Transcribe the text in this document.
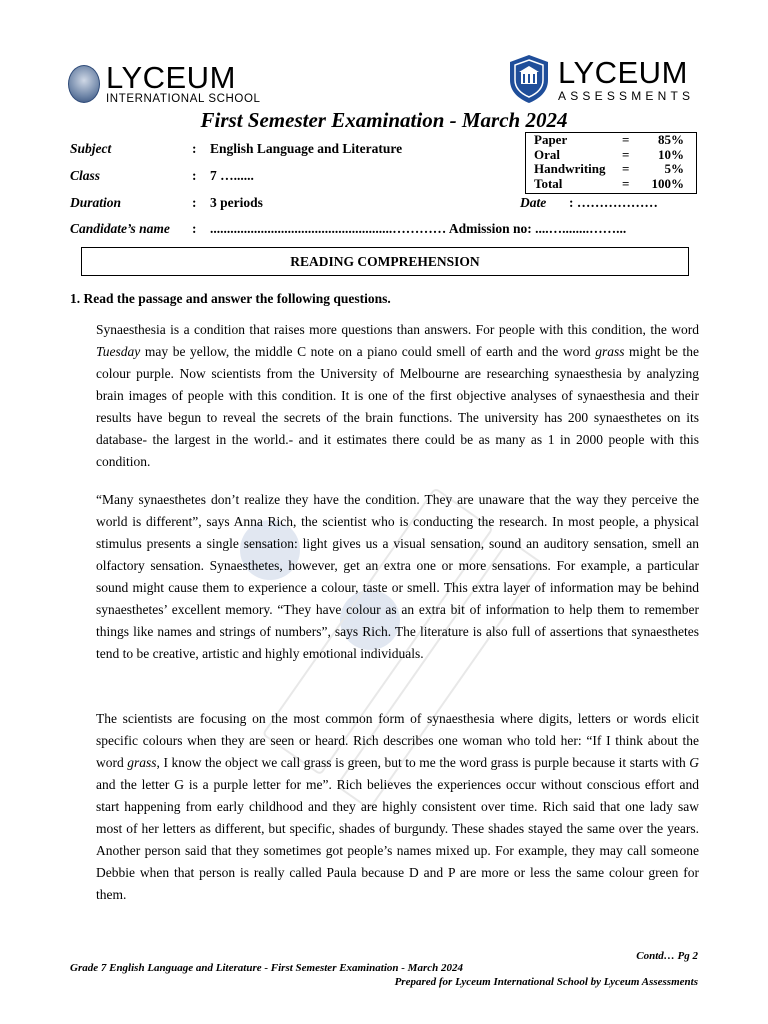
LYCEUM
INTERNATIONAL SCHOOL
LYCEUM
ASSESSMENTS
First Semester Examination - March 2024
Paper	=	85%
Oral	=	10%
Handwriting	=	5%
Total	=	100%
Subject	: English Language and Literature
Class	: 7 …......
Duration	: 3 periods	Date : ………………
Candidate’s name : ......................................................………… Admission no: ....…........……...
READING COMPREHENSION
1. Read the passage and answer the following questions.

Synaesthesia is a condition that raises more questions than answers. For people with this condition, the word Tuesday may be yellow, the middle C note on a piano could smell of earth and the word grass might be the colour purple. Now scientists from the University of Melbourne are researching synaesthesia by analyzing brain images of people with this condition. It is one of the first objective analyses of synaesthesia and their results have begun to reveal the secrets of the brain functions. The university has 200 synaesthetes on its database- the largest in the world.- and it estimates there could be as many as 1 in 2000 people with this condition.

“Many synaesthetes don’t realize they have the condition. They are unaware that the way they perceive the world is different”, says Anna Rich, the scientist who is conducting the research. In most people, a physical stimulus presents a single sensation: light gives us a visual sensation, sound an auditory sensation, smell an olfactory sensation. Synaesthetes, however, get an extra one or more sensations. For example, a particular sound might cause them to experience a colour, taste or smell. This extra layer of information may be behind synaesthetes’ excellent memory. “They have colour as an extra bit of information to help them to remember things like names and strings of numbers”, says Rich. The literature is also full of assertions that synaesthetes tend to be creative, artistic and highly emotional individuals.

The scientists are focusing on the most common form of synaesthesia where digits, letters or words elicit specific colours when they are seen or heard. Rich describes one woman who told her: “If I think about the word grass, I know the object we call grass is green, but to me the word grass is purple because it starts with G and the letter G is a purple letter for me”. Rich believes the experiences occur without conscious effort and start happening from early childhood and they are highly consistent over time. Rich said that one lady saw most of her letters as different, but specific, shades of burgundy. These shades stayed the same over the years. Another person said that they sometimes got people’s names mixed up. For example, they may call someone Debbie when that person is really called Paula because D and P are more or less the same colour green for them.

Contd… Pg 2
Grade 7 English Language and Literature - First Semester Examination - March 2024
Prepared for Lyceum International School by Lyceum Assessments
